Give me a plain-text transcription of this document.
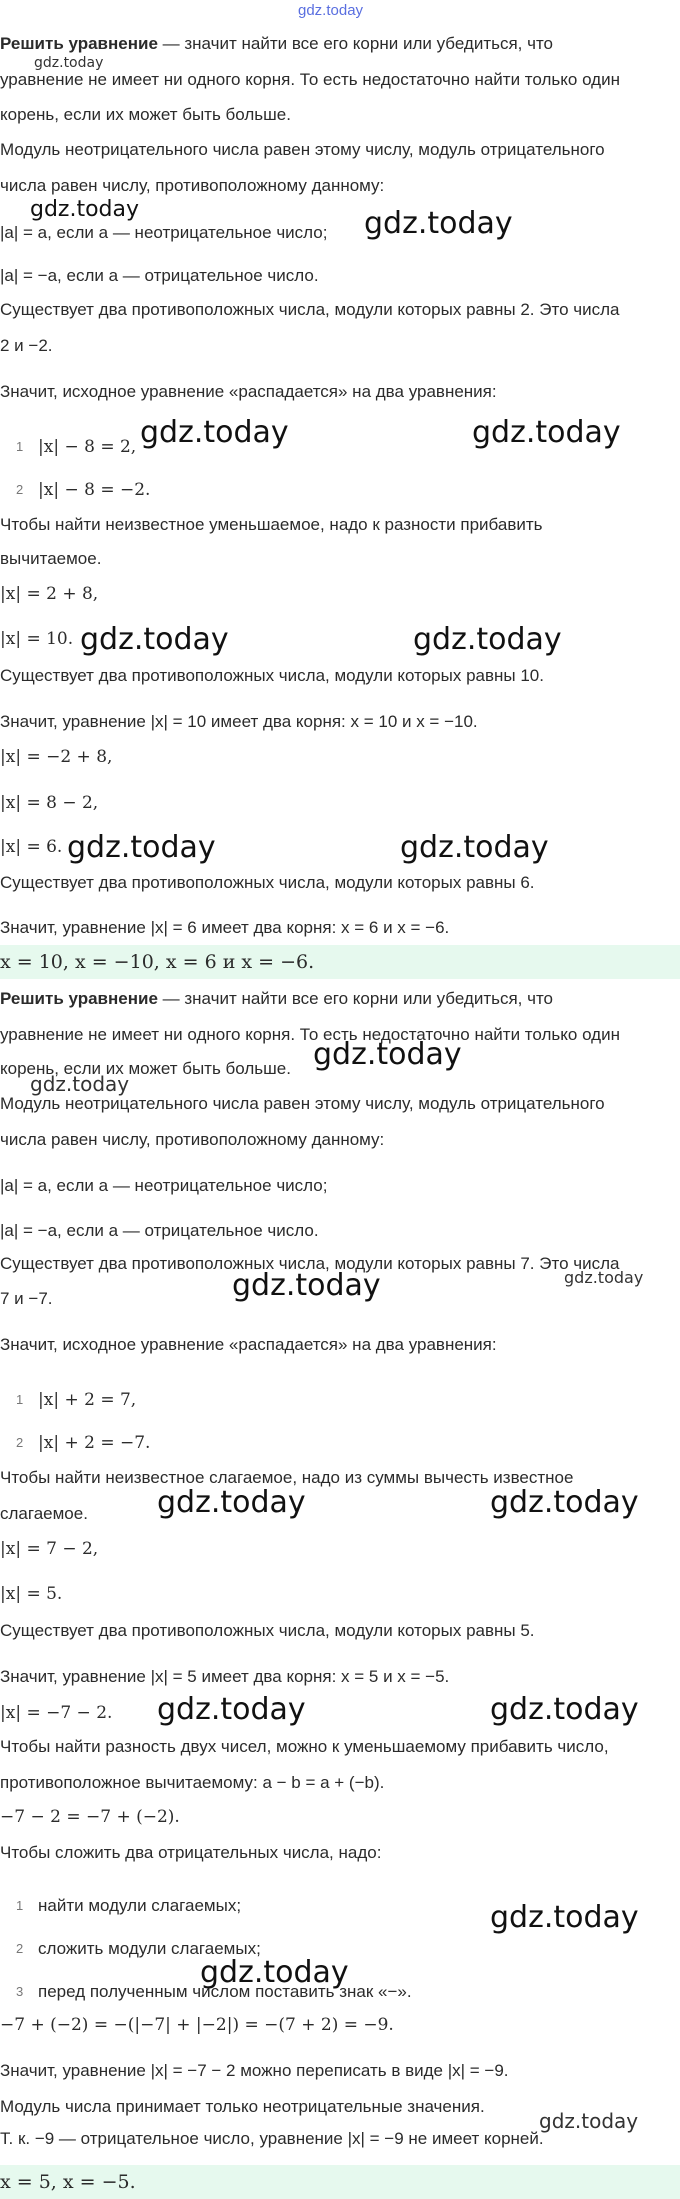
gdz.today
Решить уравнение — значит найти все его корни или убедиться, что
уравнение не имеет ни одного корня. То есть недостаточно найти только один
корень, если их может быть больше.
Модуль неотрицательного числа равен этому числу, модуль отрицательного
числа равен числу, противоположному данному:
|a| = a, если a — неотрицательное число;
|a| = −a, если a — отрицательное число.
Существует два противоположных числа, модули которых равны 2. Это числа
2 и −2.
Значит, исходное уравнение «распадается» на два уравнения:
1 |x| − 8 = 2,
2 |x| − 8 = −2.
Чтобы найти неизвестное уменьшаемое, надо к разности прибавить
вычитаемое.
|x| = 2 + 8,
|x| = 10.
Существует два противоположных числа, модули которых равны 10.
Значит, уравнение |x| = 10 имеет два корня: x = 10 и x = −10.
|x| = −2 + 8,
|x| = 8 − 2,
|x| = 6.
Существует два противоположных числа, модули которых равны 6.
Значит, уравнение |x| = 6 имеет два корня: x = 6 и x = −6.
x = 10, x = −10, x = 6 и x = −6.
Решить уравнение — значит найти все его корни или убедиться, что
уравнение не имеет ни одного корня. То есть недостаточно найти только один
корень, если их может быть больше.
Модуль неотрицательного числа равен этому числу, модуль отрицательного
числа равен числу, противоположному данному:
|a| = a, если a — неотрицательное число;
|a| = −a, если a — отрицательное число.
Существует два противоположных числа, модули которых равны 7. Это числа
7 и −7.
Значит, исходное уравнение «распадается» на два уравнения:
1 |x| + 2 = 7,
2 |x| + 2 = −7.
Чтобы найти неизвестное слагаемое, надо из суммы вычесть известное
слагаемое.
|x| = 7 − 2,
|x| = 5.
Существует два противоположных числа, модули которых равны 5.
Значит, уравнение |x| = 5 имеет два корня: x = 5 и x = −5.
|x| = −7 − 2.
Чтобы найти разность двух чисел, можно к уменьшаемому прибавить число,
противоположное вычитаемому: a − b = a + (−b).
−7 − 2 = −7 + (−2).
Чтобы сложить два отрицательных числа, надо:
1 найти модули слагаемых;
2 сложить модули слагаемых;
3 перед полученным числом поставить знак «−».
−7 + (−2) = −(|−7| + |−2|) = −(7 + 2) = −9.
Значит, уравнение |x| = −7 − 2 можно переписать в виде |x| = −9.
Модуль числа принимает только неотрицательные значения.
Т. к. −9 — отрицательное число, уравнение |x| = −9 не имеет корней.
x = 5, x = −5.
gdz.today
gdz.today	gdz.today
gdz.today	gdz.today
gdz.today	gdz.today
gdz.today	gdz.today
gdz.today
gdz.today
gdz.today	gdz.today
gdz.today	gdz.today
gdz.today	gdz.today
gdz.today
gdz.today
gdz.today
